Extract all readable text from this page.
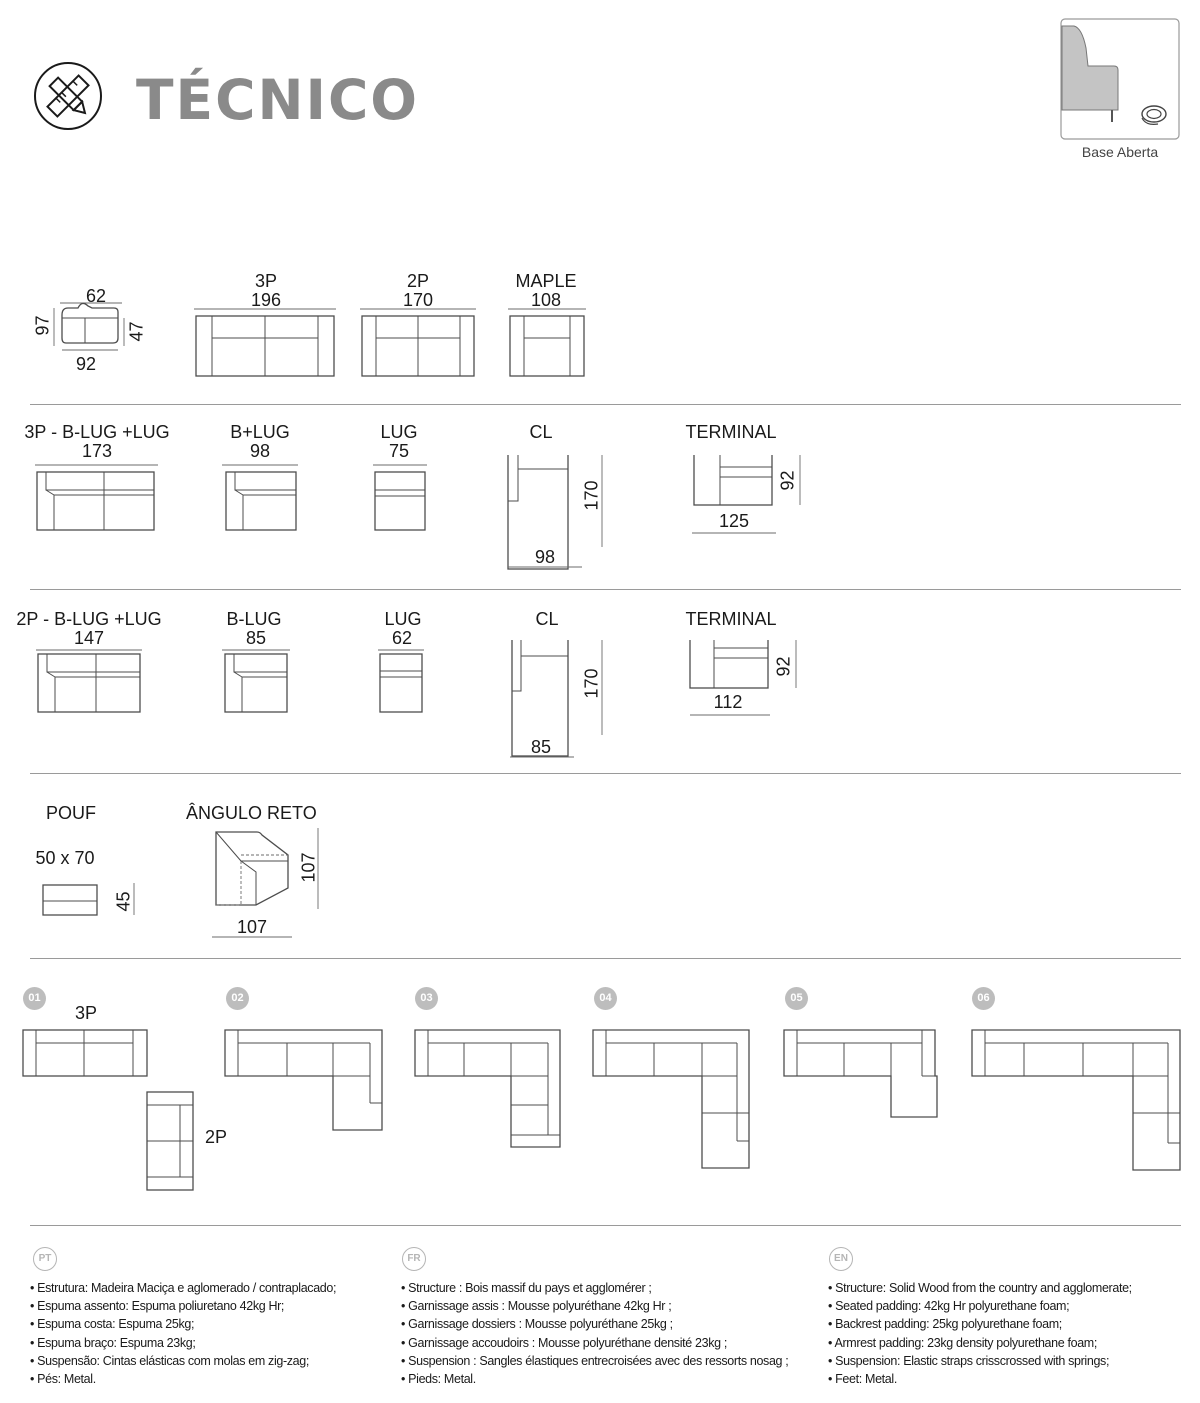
TÉCNICO
Base Aberta
62
97	47
92
3P
196
2P
170
MAPLE
108
3P - B-LUG +LUG
173
B+LUG
98
LUG
75
CL	TERMINAL
170
98
92
125
2P - B-LUG +LUG
147
B-LUG
85
LUG
62
CL	TERMINAL
170
85
92
112
POUF
50 x 70
ÂNGULO RETO
45
107
107
01	02	03	04	05	06
3P
2P
PT	FR	EN
• Estrutura: Madeira Maciça e aglomerado / contraplacado;
• Espuma assento: Espuma poliuretano 42kg Hr;
• Espuma costa: Espuma 25kg;
• Espuma braço: Espuma 23kg;
• Suspensão: Cintas elásticas com molas em zig-zag;
• Pés: Metal.
• Structure : Bois massif du pays et agglomérer ;
• Garnissage assis : Mousse polyuréthane 42kg Hr ;
• Garnissage dossiers : Mousse polyuréthane 25kg ;
• Garnissage accoudoirs : Mousse polyuréthane densité 23kg ;
• Suspension : Sangles élastiques entrecroisées avec des ressorts nosag ;
• Pieds: Metal.
• Structure: Solid Wood from the country and agglomerate;
• Seated padding: 42kg Hr polyurethane foam;
• Backrest padding: 25kg polyurethane foam;
• Armrest padding: 23kg density polyurethane foam;
• Suspension: Elastic straps crisscrossed with springs;
• Feet: Metal.
